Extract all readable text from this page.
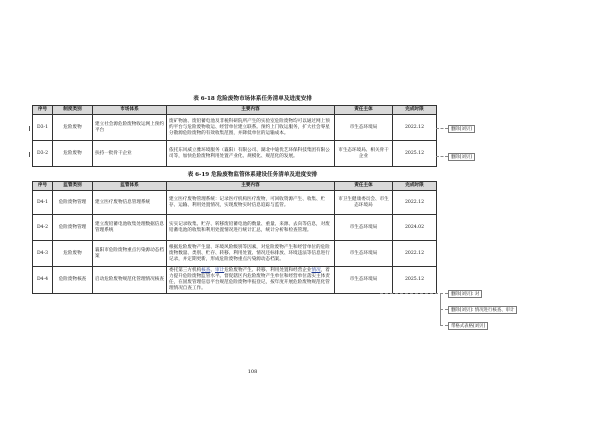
表 6-18 危险废物市场体系任务清单及进度安排
序号	制度类别	市场体系	主要内容	责任主体	完成时限
D3-1	危险废物	建立社会源危险废物收运网上预约平台	废矿物油、废铅蓄电池及非税科研院所产生的实验室危险废物均可以通过网上预约平台与危险废物收运、经营单位建立联系。预约上门收运服务，扩大社会零星分散源危险废物的有效收集范围，并降低单位的运输成本。	市生态环境局	2022.12
D3-2	危险废物	扶持一批骨干企业	依托东风威立雅环境服务（襄阳）有限公司、湖北中迪优艺环保科技集团有限公司等，加快危险废物利用处置产业化、规模化、规范化的发展。	市生态环境局、相关骨干企业	2025.12
表 6-19 危险废物监管体系建设任务清单及进度安排
序号	监管类别	监管体系	主要内容	责任主体	完成时限
D4-1	危险废物管理	建立医疗废物信息管理系统	建立医疗废物管理系统：记录医疗机构医疗废物，可回收资源产生、收集、贮存、运输、利用处置情况，实现废物实时信息追踪与监管。	市卫生健康委员会、市生态环境局	2022.12
D4-2	危险废物管理	建立废铅蓄电池收集处理数据信息管理系统	实实记录收集、贮存、转移废铅蓄电池的数量、重量、来源、去向等信息，对废铅蓄电池的收集和利用处置情况进行统计汇总，统计分析和检查管理。	市生态环境局	2024.02
D4-3	危险废物	襄阳市危险废物重点污染源动态档案	根据危险废物产生量、环境风险级别等因素，对危险废物产生和经营单位的危险废物数量、类别、贮存、转移、利用处置、情况还标排放、环境违法等信息进行记录，并定期更新，形成危险废物重点污染源动态档案。	市生态环境局	2022.12
D4-4	危险废物核查	启动危险废物规范化管理情况核查	委托第三方机构核查、审计危险废物产生、转移、利用处置和经营企业情况，着力提升危险废物监管水平。督促辖区内危险废物产生单位和经营单位落实主体责任，在固废管理信息平台规范危险废物申报登记，按年度开展危险废物规范化管理情况自查工作。	市生态环境局	2025.12
删除[刘贝]
删除[刘贝]
删除[刘贝]: 对
删除[刘贝]: 情况进行核查、审计
带格式表格[刘贝]
108
